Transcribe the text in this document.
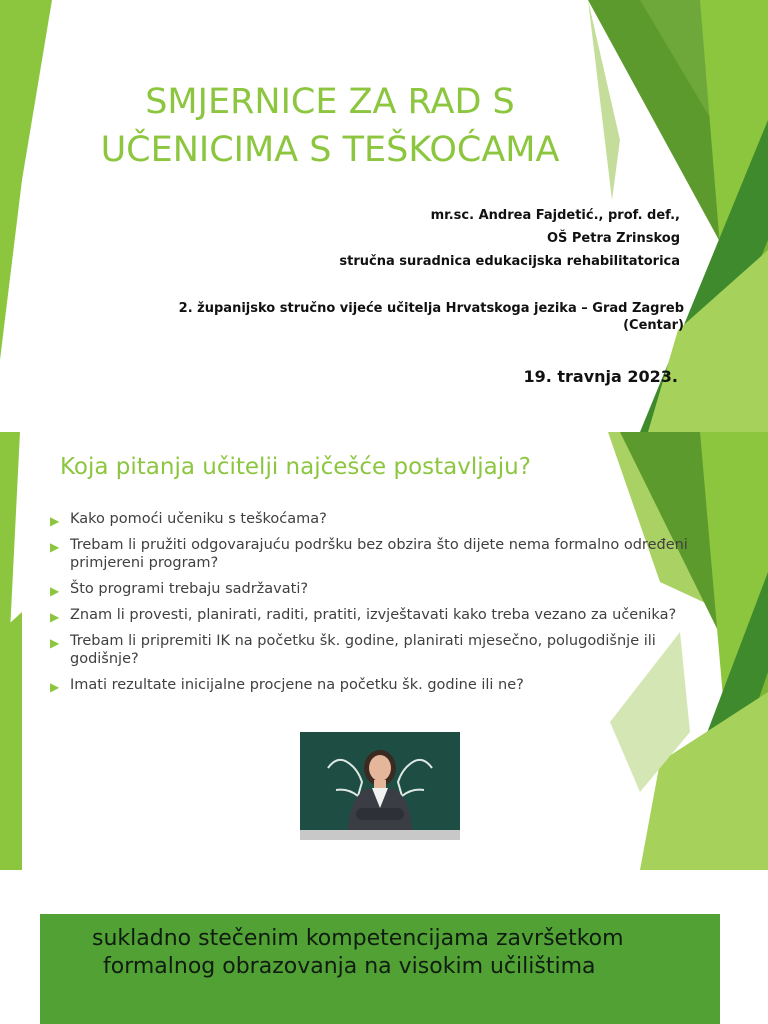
SMJERNICE ZA RAD S
UČENICIMA S TEŠKOĆAMA
mr.sc. Andrea Fajdetić., prof. def.,
OŠ Petra Zrinskog
stručna suradnica edukacijska rehabilitatorica
2. županijsko stručno vijeće učitelja Hrvatskoga jezika – Grad Zagreb
(Centar)
19. travnja 2023.
Koja pitanja učitelji najčešće postavljaju?
▶ Kako pomoći učeniku s teškoćama?
▶ Trebam li pružiti odgovarajuću podršku bez obzira što dijete nema formalno određeni primjereni program?
▶ Što programi trebaju sadržavati?
▶ Znam li provesti, planirati, raditi, pratiti, izvještavati kako treba vezano za učenika?
▶ Trebam li pripremiti IK na početku šk. godine, planirati mjesečno, polugodišnje ili godišnje?
▶ Imati rezultate inicijalne procjene na početku šk. godine ili ne?
sukladno stečenim kompetencijama završetkom
formalnog obrazovanja na visokim učilištima
